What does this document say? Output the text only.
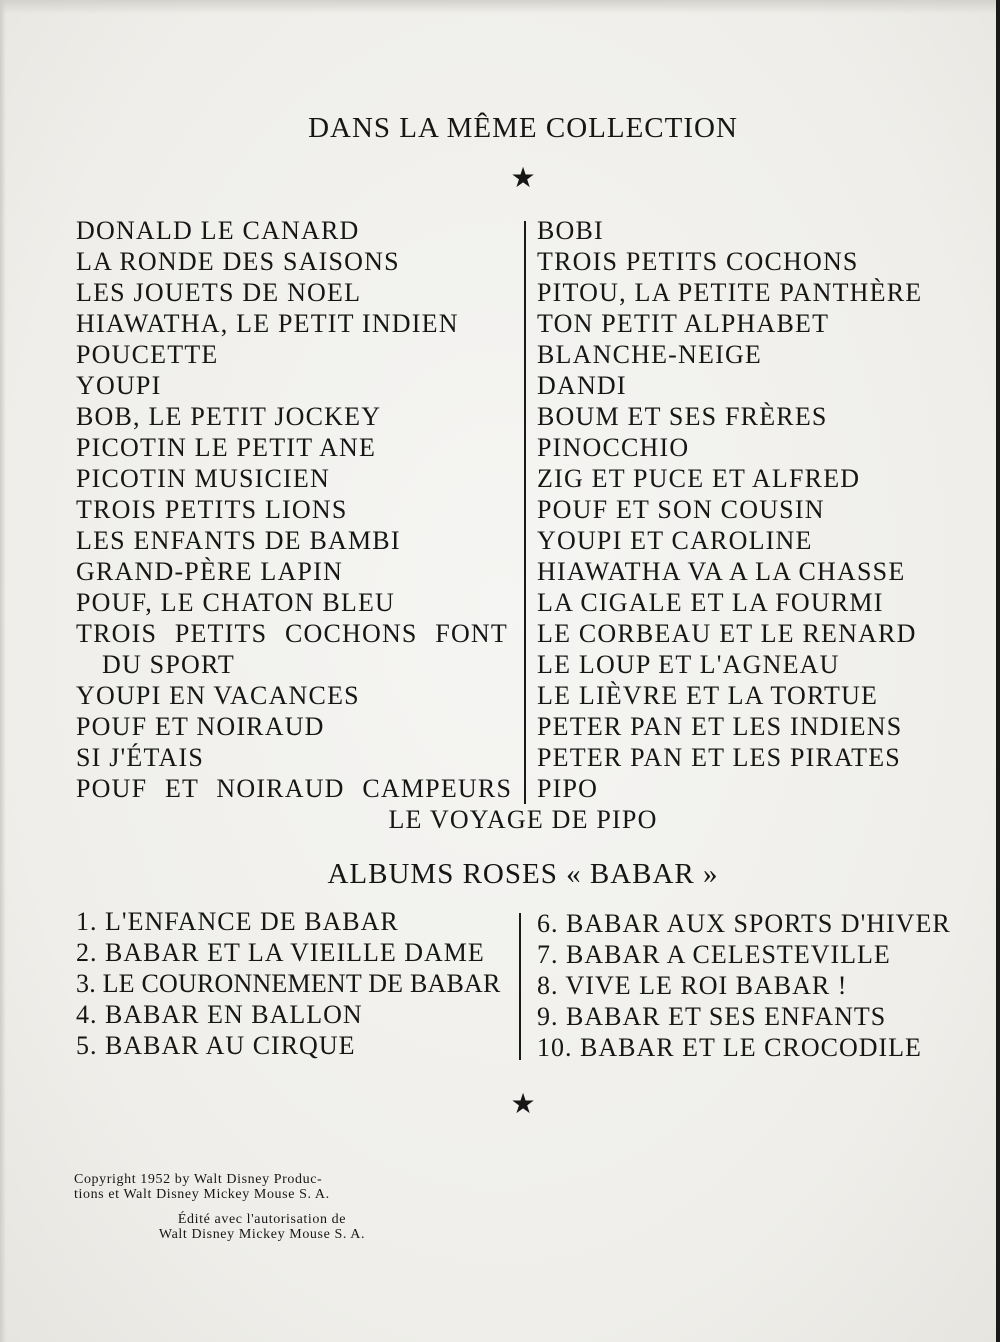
DANS LA MÊME COLLECTION
★
DONALD LE CANARD
LA RONDE DES SAISONS
LES JOUETS DE NOEL
HIAWATHA, LE PETIT INDIEN
POUCETTE
YOUPI
BOB, LE PETIT JOCKEY
PICOTIN LE PETIT ANE
PICOTIN MUSICIEN
TROIS PETITS LIONS
LES ENFANTS DE BAMBI
GRAND-PÈRE LAPIN
POUF, LE CHATON BLEU
TROIS PETITS COCHONS FONT
DU SPORT
YOUPI EN VACANCES
POUF ET NOIRAUD
SI J'ÉTAIS
POUF ET NOIRAUD CAMPEURS
BOBI
TROIS PETITS COCHONS
PITOU, LA PETITE PANTHÈRE
TON PETIT ALPHABET
BLANCHE-NEIGE
DANDI
BOUM ET SES FRÈRES
PINOCCHIO
ZIG ET PUCE ET ALFRED
POUF ET SON COUSIN
YOUPI ET CAROLINE
HIAWATHA VA A LA CHASSE
LA CIGALE ET LA FOURMI
LE CORBEAU ET LE RENARD
LE LOUP ET L'AGNEAU
LE LIÈVRE ET LA TORTUE
PETER PAN ET LES INDIENS
PETER PAN ET LES PIRATES
PIPO
LE VOYAGE DE PIPO
ALBUMS ROSES « BABAR »
1. L'ENFANCE DE BABAR
2. BABAR ET LA VIEILLE DAME
3. LE COURONNEMENT DE BABAR
4. BABAR EN BALLON
5. BABAR AU CIRQUE
6. BABAR AUX SPORTS D'HIVER
7. BABAR A CELESTEVILLE
8. VIVE LE ROI BABAR !
9. BABAR ET SES ENFANTS
10. BABAR ET LE CROCODILE
★
Copyright 1952 by Walt Disney Produc-
tions et Walt Disney Mickey Mouse S. A.
Édité avec l'autorisation de
Walt Disney Mickey Mouse S. A.
